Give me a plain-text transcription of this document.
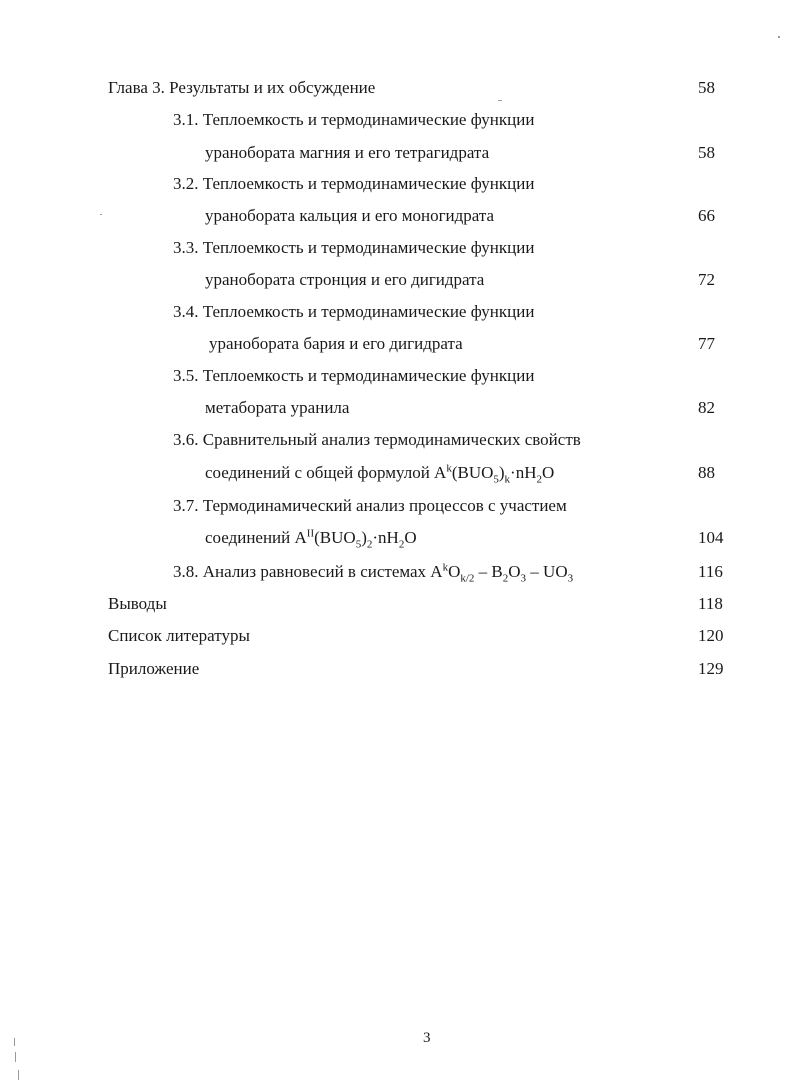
Глава 3. Результаты и их обсуждение	58
3.1. Теплоемкость и термодинамические функции
уранобората магния и его тетрагидрата	58
3.2. Теплоемкость и термодинамические функции
уранобората кальция и его моногидрата	66
3.3. Теплоемкость и термодинамические функции
уранобората стронция и его дигидрата	72
3.4. Теплоемкость и термодинамические функции
уранобората бария и его дигидрата	77
3.5. Теплоемкость и термодинамические функции
метабората уранила	82
3.6. Сравнительный анализ термодинамических свойств
соединений с общей формулой $A^k(BUO_5)_k\cdot nH_2O$	88
3.7. Термодинамический анализ процессов с участием
соединений $A^{II}(BUO_5)_2\cdot nH_2O$	104
3.8. Анализ равновесий в системах $A^kO_{k/2} - B_2O_3 - UO_3$	116
Выводы	118
Список литературы	120
Приложение	129
3
